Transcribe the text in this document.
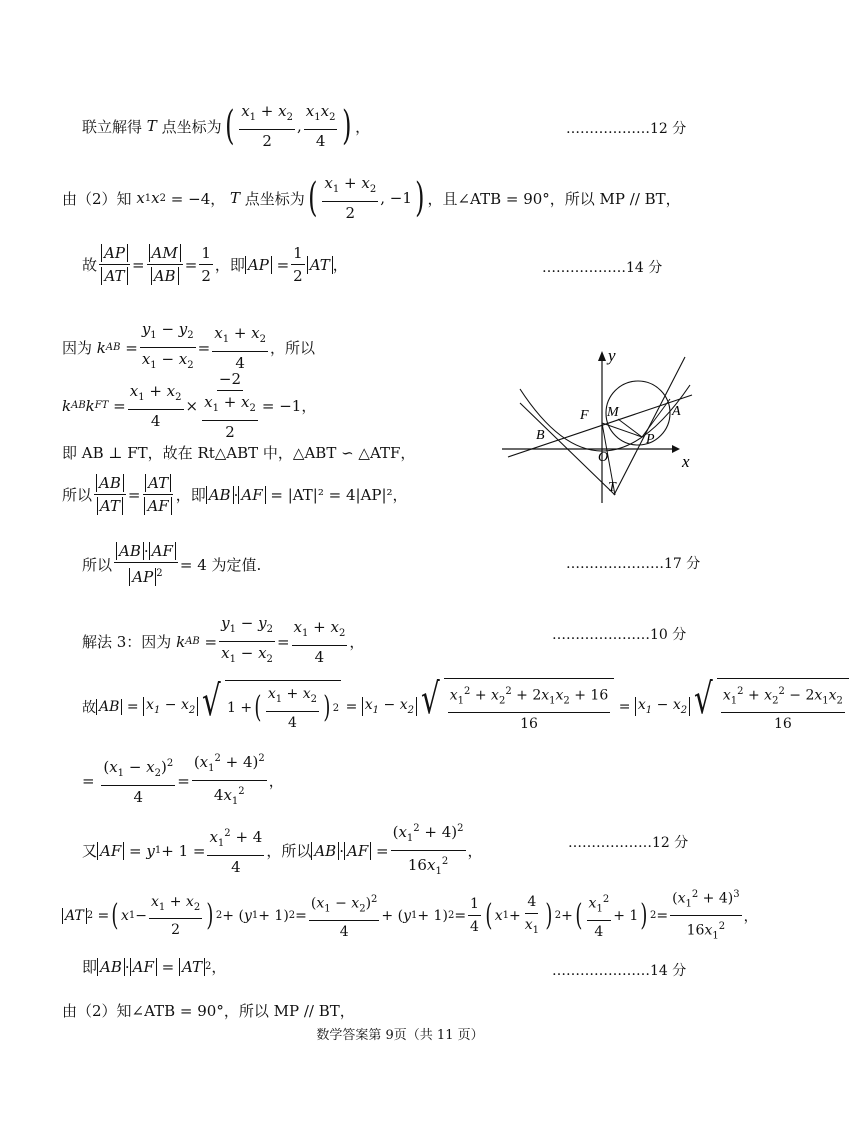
联立解得 T 点坐标为 ( $\frac{x_1 + x_2}{2}$ , $\frac{x_1x_2}{4}$ ) ，	………………12 分
由（2）知
x 1 x 2
= −4， T 点坐标为 ( $\frac{x_1 + x_2}{2}$ , −1 ) ，且∠ATB = 90°，所以 MP // BT，
故 $\frac{AP}{AT} = \frac{AM}{AB} = \frac{1}{2}$ ，即 AP = $\frac{1}{2}$ AT ，	………………14 分
因为
k AB = $\frac{y_1 - y_2}{x_1 - x_2} = \frac{x_1 + x_2}{4}$ ，所以
k AB k FT = $\frac{x_1 + x_2}{4} \times \frac{-2}{\frac{x_1 + x_2}{2}} = -1$，
即 AB ⊥ FT，故在 Rt△ABT 中，△ABT ∽ △ATF，
所以 $\frac{AB}{AT} = \frac{AT}{AF}$ ，即 AB · AF
= |AT|² = 4|AP|²，
所以 $\frac{AB \cdot AF}{AP ^2} = 4$ 为定值.	…………………17 分
解法 3：因为
k AB = $\frac{y_1 - y_2}{x_1 - x_2} = \frac{x_1 + x_2}{4}$ ，	…………………10 分
故 AB = $x_1 - x_2$ √ 1 + ( $\frac{x_1 + x_2}{4}$ ) $2 = x_1 - x_2$ √ $\frac{x_1^2 + x_2^2 + 2x_1x_2 + 16}{16} = x_1 - x_2$ √ $\frac{x_1^2 + x_2^2 - 2x_1x_2}{16}$
= $\frac{(x_1 - x_2)^2}{4} = \frac{(x_1^2 + 4)^2}{4x_1^2}$ ，
又 AF = y $1 + 1 = \frac{x_1^2 + 4}{4}$ ，所以 AB · AF = $\frac{(x_1^2 + 4)^2}{16x_1^2}$ ，	………………12 分
AT 2 = ( x $1 - \frac{x_1 + x_2}{2}$ ) 2 + ( y 1 + 1) $2 = \frac{(x_1 - x_2)^2}{4}$ + ( y 1 + 1) $2 = \frac{1}{4}$ ( x $1 + \frac{4}{x_1}$ ) 2 + ( $\frac{x_1^2}{4} + 1$ ) $2 = \frac{(x_1^2 + 4)^3}{16x_1^2}$ ，
即 AB · AF = AT 2 ，	…………………14 分
由（2）知∠ATB = 90°，所以 MP // BT，
y
x
F M	A
B
O
P
T
数学答案第 9页（共 11 页）
